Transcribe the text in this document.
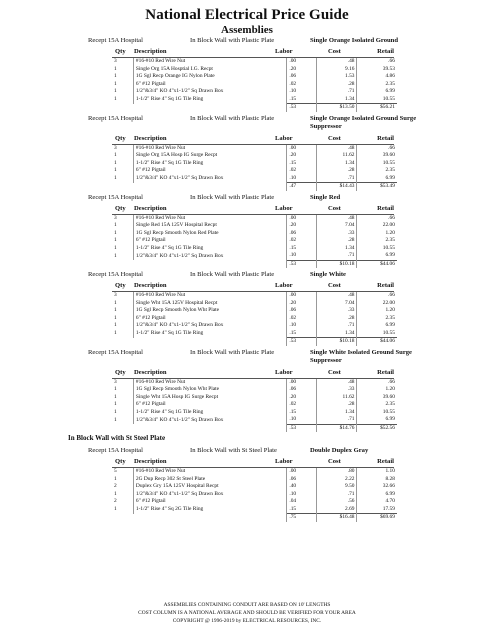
National Electrical Price Guide
Assemblies
Recept 15A Hospital	In Block Wall with Plastic Plate	Single Orange Isolated Ground
Qty Description	Labor	Cost	Retail
3	#16-#10 Red Wire Nut	.00	.48	.66	
1	Single Org 15A Hosptial I.G. Recpt	.20	9.16	39.53	
1	1G Sgl Recp Orange IG Nylon Plate	.06	1.53	4.86	
1	6" #12 Pigtail	.02	.28	2.35	
1	1/2"&3/4" KO 4"x1-1/2" Sq Drawn Box	.10	.71	6.99	
1	1-1/2" Rise 4" Sq 1G Tile Ring	.15	1.34	10.55	
		.53	$13.50	$56.21	
Recept 15A Hospital	In Block Wall with Plastic Plate	Single Orange Isolated Ground Surge Suppressor
Qty Description	Labor	Cost	Retail
3	#16-#10 Red Wire Nut	.00	.48	.66	
1	Single Org 15A Hosp IG Surge Recpt	.20	11.62	39.60	
1	1-1/2" Rise 4" Sq 1G Tile Ring	.15	1.34	10.55	
1	6" #12 Pigtail	.02	.28	2.35	
1	1/2"&3/4" KO 4"x1-1/2" Sq Drawn Box	.10	.71	6.99	
		.47	$14.43	$53.49	
Recept 15A Hospital	In Block Wall with Plastic Plate	Single Red
Qty Description	Labor	Cost	Retail
3	#16-#10 Red Wire Nut	.00	.48	.66	
1	Single Red 15A 125V Hospital Recpt	.20	7.04	22.00	
1	1G Sgl Recp Smooth Nylon Red Plate	.06	.33	1.20	
1	6" #12 Pigtail	.02	.28	2.35	
1	1-1/2" Rise 4" Sq 1G Tile Ring	.15	1.34	10.55	
1	1/2"&3/4" KO 4"x1-1/2" Sq Drawn Box	.10	.71	6.99	
		.53	$10.18	$44.06	
Recept 15A Hospital	In Block Wall with Plastic Plate	Single White
Qty Description	Labor	Cost	Retail
3	#16-#10 Red Wire Nut	.00	.48	.66	
1	Single Wht 15A 125V Hospital Recpt	.20	7.04	22.00	
1	1G Sgl Recp Smooth Nylon Wht Plate	.06	.33	1.20	
1	6" #12 Pigtail	.02	.28	2.35	
1	1/2"&3/4" KO 4"x1-1/2" Sq Drawn Box	.10	.71	6.99	
1	1-1/2" Rise 4" Sq 1G Tile Ring	.15	1.34	10.55	
		.53	$10.18	$44.06	
Recept 15A Hospital	In Block Wall with Plastic Plate	Single White Isolated Ground Surge Suppressor
Qty Description	Labor	Cost	Retail
3	#16-#10 Red Wire Nut	.00	.48	.66	
1	1G Sgl Recp Smooth Nylon Wht Plate	.06	.33	1.20	
1	Single Wht 15A Hosp IG Surge Recpt	.20	11.62	39.60	
1	6" #12 Pigtail	.02	.28	2.35	
1	1-1/2" Rise 4" Sq 1G Tile Ring	.15	1.34	10.55	
1	1/2"&3/4" KO 4"x1-1/2" Sq Drawn Box	.10	.71	6.99	
		.53	$14.76	$52.56	
In Block Wall with St Steel Plate
Recept 15A Hospital	In Block Wall with St Steel Plate	Double Duplex Gray
Qty Description	Labor	Cost	Retail
5	#16-#10 Red Wire Nut	.00	.80	1.10	
1	2G Dup Recp 302 St Steel Plate	.06	2.22	8.28	
2	Duplex Gry 15A 125V Hospital Recpt	.40	9.50	32.66	
1	1/2"&3/4" KO 4"x1-1/2" Sq Drawn Box	.10	.71	6.99	
2	6" #12 Pigtail	.04	.56	4.70	
1	1-1/2" Rise 4" Sq 2G Tile Ring	.15	2.69	17.59	
		.75	$16.48	$69.69	
ASSEMBLIES CONTAINING CONDUIT ARE BASED ON 10' LENGTHS
COST COLUMN IS A NATIONAL AVERAGE AND SHOULD BE VERIFIED FOR YOUR AREA
COPYRIGHT @ 1996-2019 by ELECTRICAL RESOURCES, INC.
